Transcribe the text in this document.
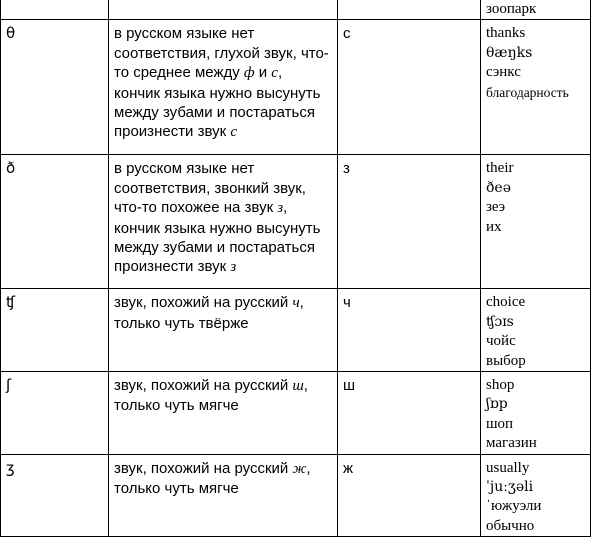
			зоопарк

θ	в русском языке нет соответствия, глухой звук, что-то среднее между ф и с, кончик языка нужно высунуть между зубами и постараться произнести звук с	с	thanks
θæŋks
сэнкс
благодарность

ð	в русском языке нет соответствия, звонкий звук, что-то похожее на звук з, кончик языка нужно высунуть между зубами и постараться произнести звук з	з	their
ðeə
зеэ
их

ʧ	звук, похожий на русский ч, только чуть твёрже	ч	choice
ʧɔɪs
чойс
выбор

ʃ	звук, похожий на русский ш, только чуть мягче	ш	shop
ʃɒp
шоп
магазин

ʒ	звук, похожий на русский ж, только чуть мягче	ж	usually
ˈjuːʒəli
ˈюжуэли
обычно
